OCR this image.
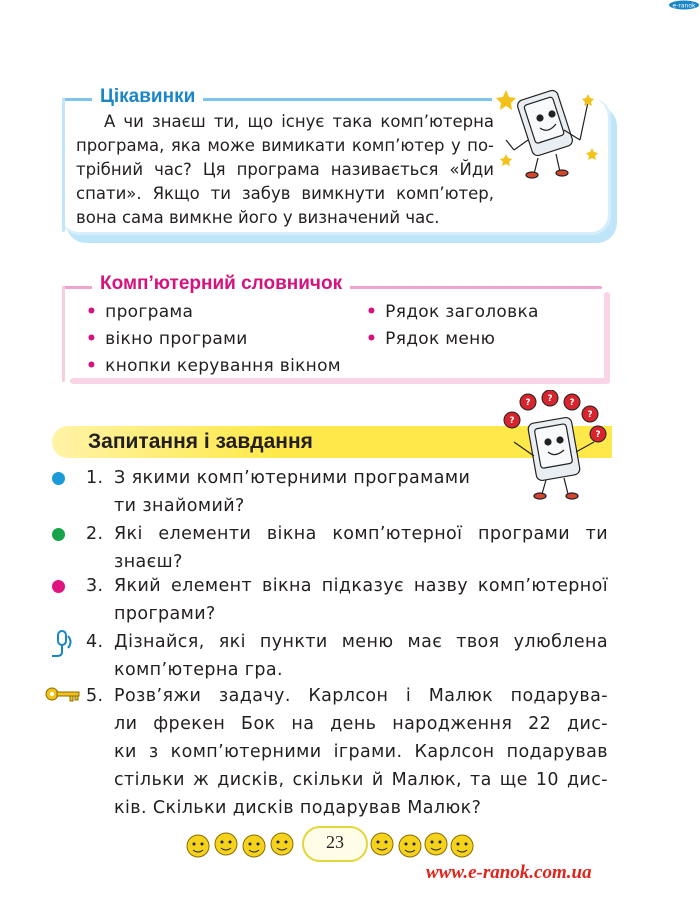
e-ranok
Цікавинки
А чи знаєш ти, що існує така комп’ютерна
програма, яка може вимикати комп’ютер у по-
трібний час? Ця програма називається «Йди
спати». Якщо ти забув вимкнути комп’ютер,
вона сама вимкне його у визначений час.
Комп’ютерний словничок
• програма
• вікно програми
• кнопки керування вікном
• Рядок заголовка
• Рядок меню
Запитання і завдання
?
? ? ?
?
?
1. З якими комп’ютерними програмами
ти знайомий?
2. Які елементи вікна комп’ютерної програми ти
знаєш?
3. Який елемент вікна підказує назву комп’ютерної
програми?
4. Дізнайся, які пункти меню має твоя улюблена
комп’ютерна гра.
5. Розв’яжи задачу. Карлсон і Малюк подарува-
ли фрекен Бок на день народження 22 дис-
ки з комп’ютерними іграми. Карлсон подарував
стільки ж дисків, скільки й Малюк, та ще 10 дис-
ків. Скільки дисків подарував Малюк?
23
www.e-ranok.com.ua
